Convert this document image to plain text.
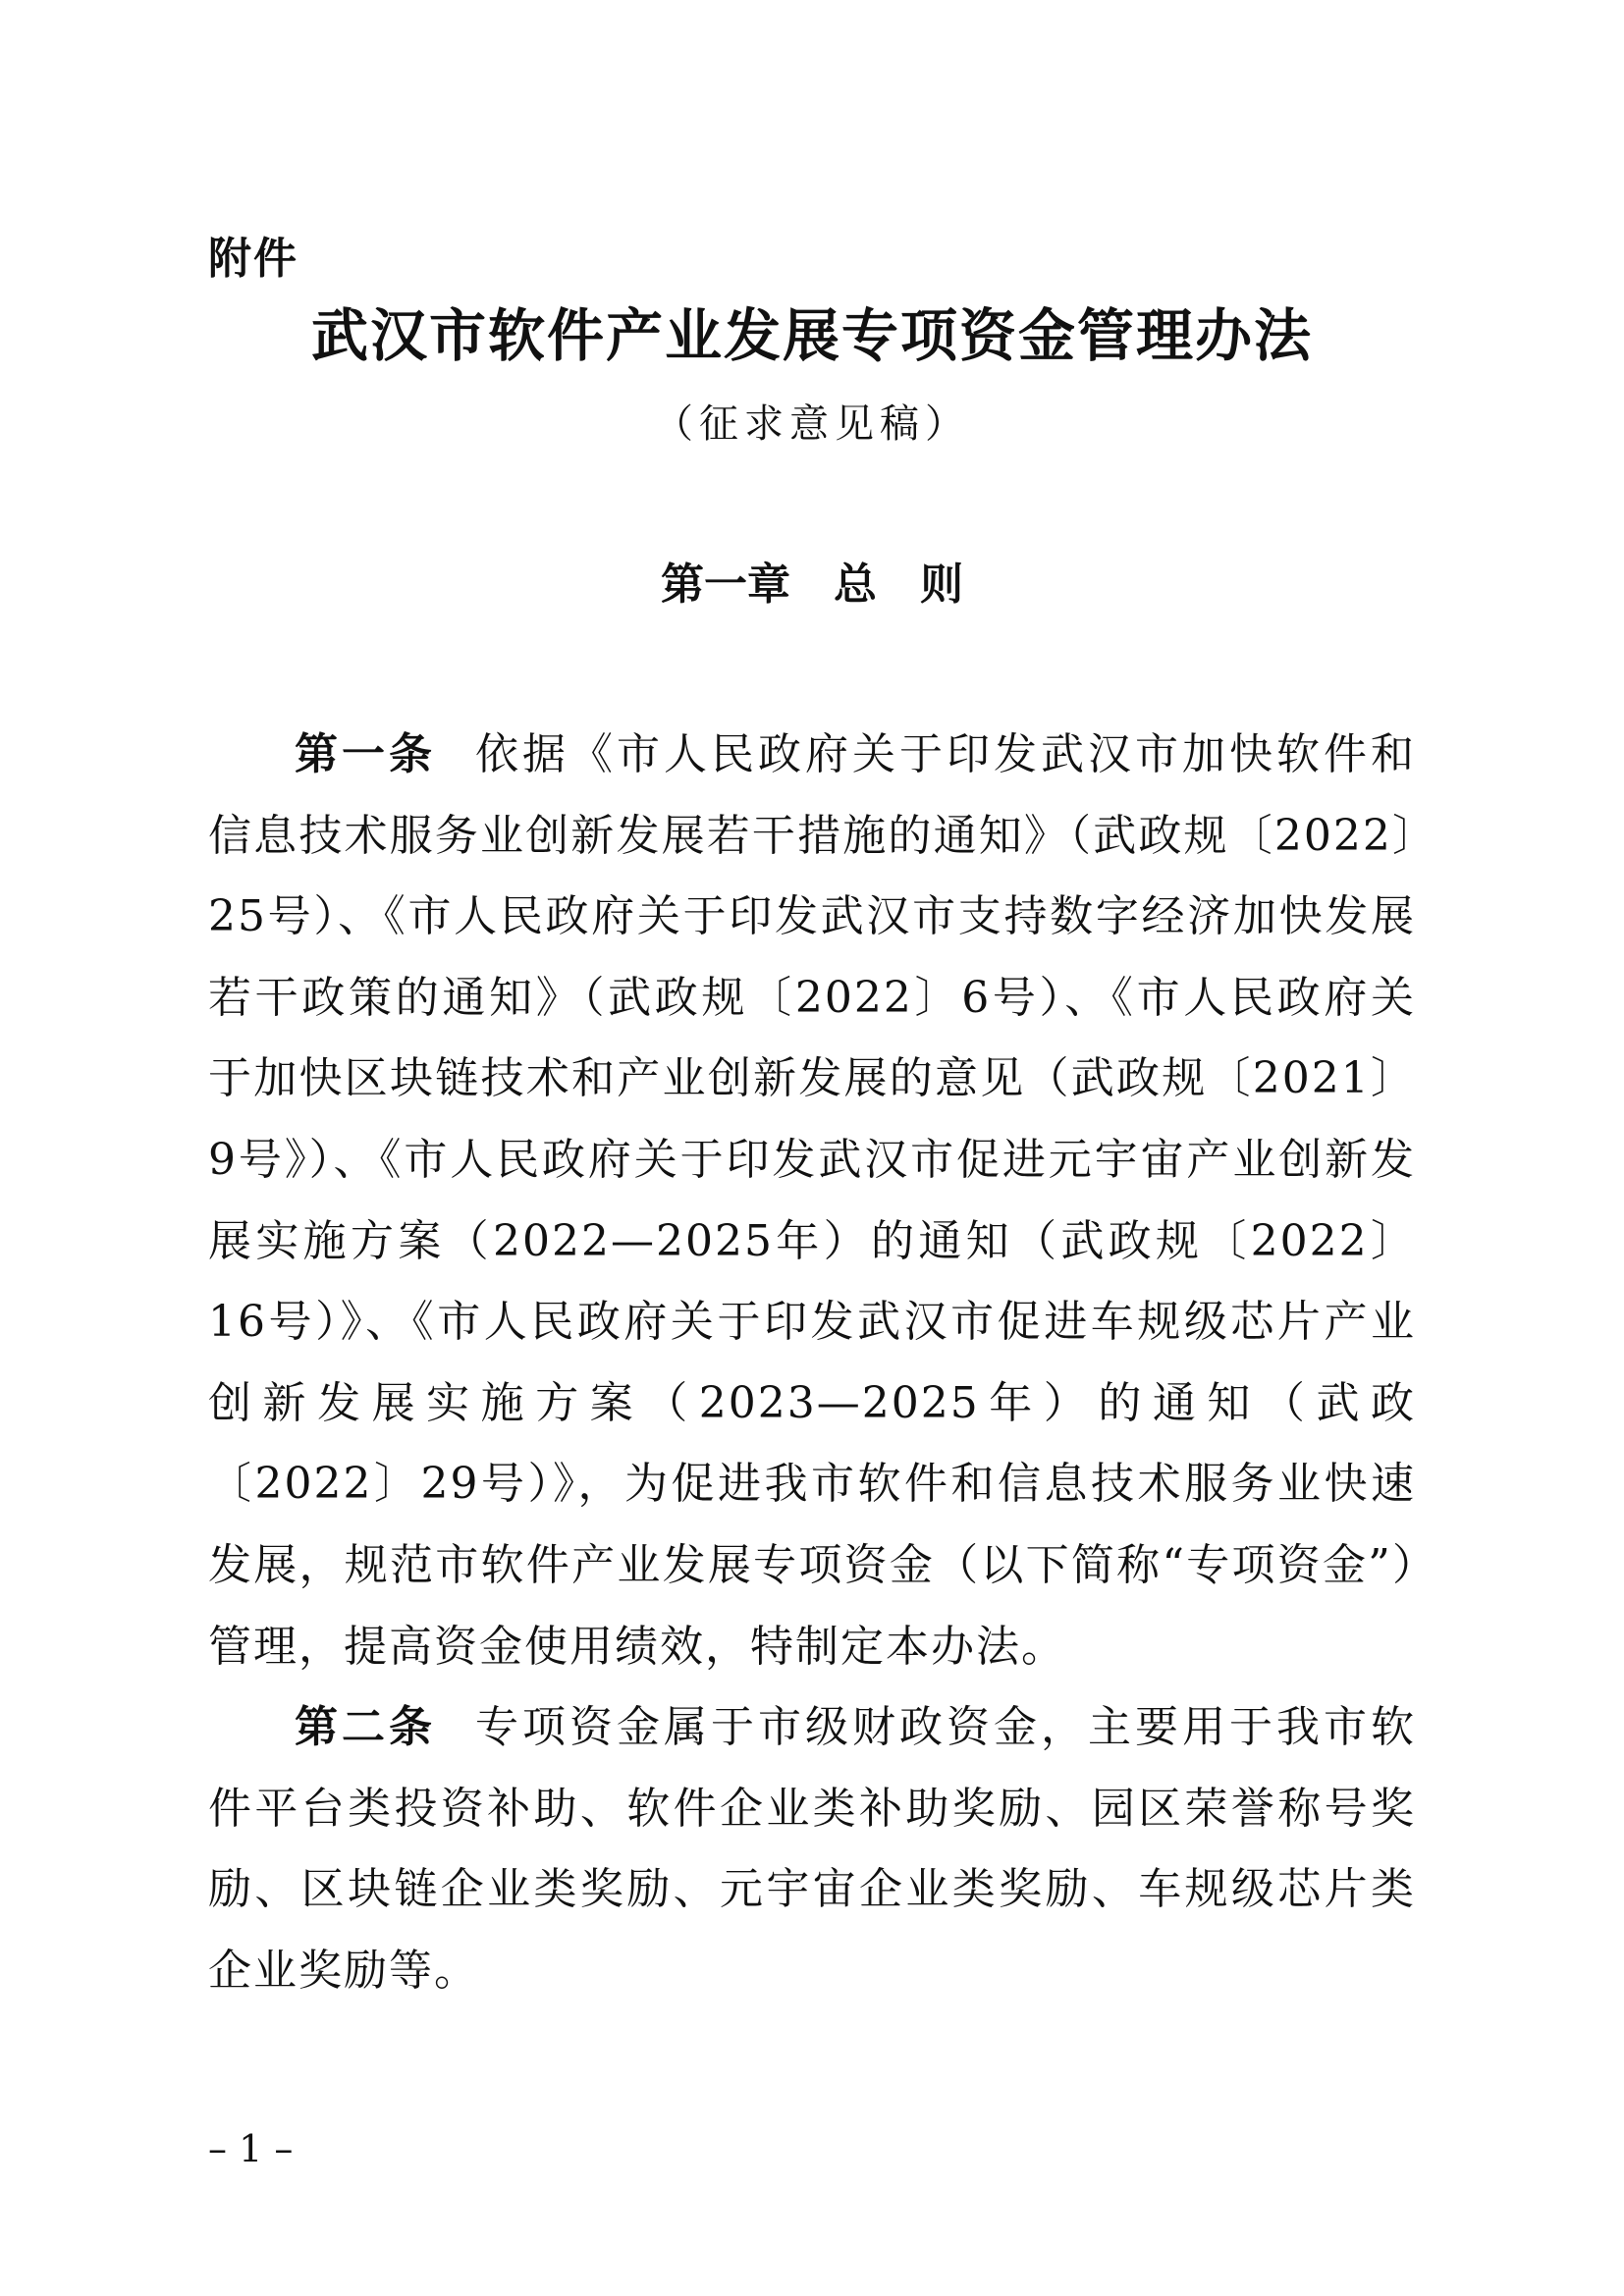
附件
武汉市软件产业发展专项资金管理办法
（征求意见稿）
第一章　总　则

第一条 依据《市人民政府关于印发武汉市加快软件和信息技术服务业创新发展若干措施的通知》（武政规〔2022〕25号）、《市人民政府关于印发武汉市支持数字经济加快发展若干政策的通知》（武政规〔2022〕6号）、《市人民政府关于加快区块链技术和产业创新发展的意见（武政规〔2021〕9号》）、《市人民政府关于印发武汉市促进元宇宙产业创新发展实施方案（2022—2025年）的通知（武政规〔2022〕16号）》、《市人民政府关于印发武汉市促进车规级芯片产业创新发展实施方案（2023—2025年）的通知（武政〔2022〕29号）》，为促进我市软件和信息技术服务业快速发展，规范市软件产业发展专项资金（以下简称“专项资金”）管理，提高资金使用绩效，特制定本办法。

第二条 专项资金属于市级财政资金，主要用于我市软件平台类投资补助、软件企业类补助奖励、园区荣誉称号奖励、区块链企业类奖励、元宇宙企业类奖励、车规级芯片类企业奖励等。

– 1 –
